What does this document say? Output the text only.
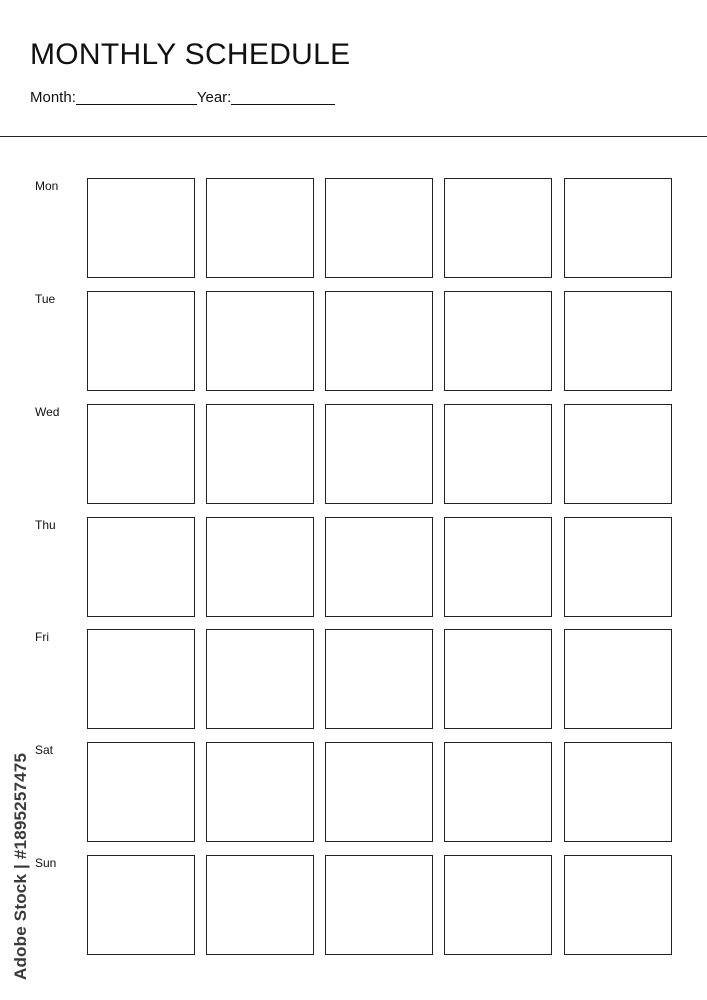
MONTHLY SCHEDULE
Month:	Year:
Mon
Tue
Wed
Thu
Fri
Sat
Sun
Adobe Stock | #1895257475
